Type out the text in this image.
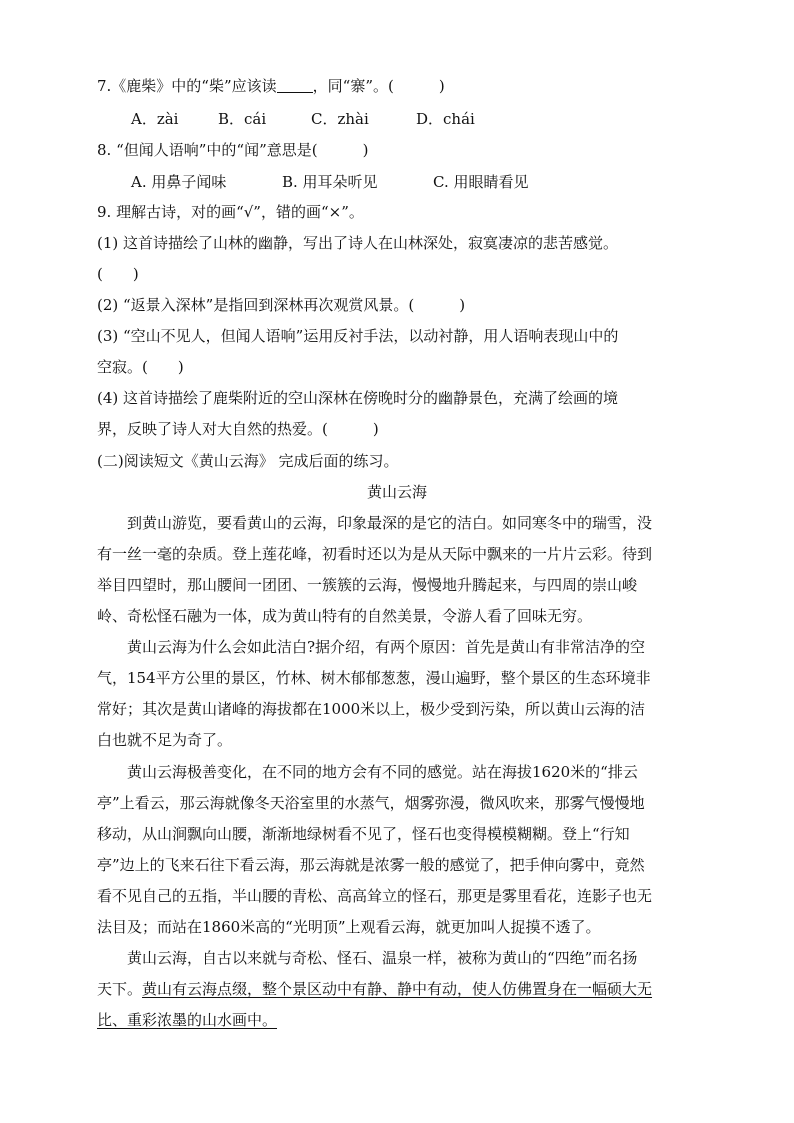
7.《鹿柴》中的“柴”应该读 ，同“寨”。(　　　)
A．zài	B．cái	C．zhài	D．chái
8. “但闻人语响”中的“闻”意思是(　　　)
A. 用鼻子闻味	B. 用耳朵听见	C. 用眼睛看见
9. 理解古诗，对的画“√”，错的画“×”。
(1) 这首诗描绘了山林的幽静，写出了诗人在山林深处，寂寞凄凉的悲苦感觉。
(　　)
(2) “返景入深林”是指回到深林再次观赏风景。(　　　)
(3) “空山不见人，但闻人语响”运用反衬手法，以动衬静，用人语响表现山中的
空寂。(　　)
(4) 这首诗描绘了鹿柴附近的空山深林在傍晚时分的幽静景色，充满了绘画的境
界，反映了诗人对大自然的热爱。(　　　)
(二)阅读短文《黄山云海》 完成后面的练习。
黄山云海
到黄山游览，要看黄山的云海，印象最深的是它的洁白。如同寒冬中的瑞雪，没
有一丝一毫的杂质。登上莲花峰，初看时还以为是从天际中飘来的一片片云彩。待到
举目四望时，那山腰间一团团、一簇簇的云海，慢慢地升腾起来，与四周的崇山峻
岭、奇松怪石融为一体，成为黄山特有的自然美景，令游人看了回味无穷。
黄山云海为什么会如此洁白?据介绍，有两个原因：首先是黄山有非常洁净的空
气，154平方公里的景区，竹林、树木郁郁葱葱，漫山遍野，整个景区的生态环境非
常好；其次是黄山诸峰的海拔都在1000米以上，极少受到污染，所以黄山云海的洁
白也就不足为奇了。
黄山云海极善变化，在不同的地方会有不同的感觉。站在海拔1620米的“排云
亭”上看云，那云海就像冬天浴室里的水蒸气，烟雾弥漫，微风吹来，那雾气慢慢地
移动，从山涧飘向山腰，渐渐地绿树看不见了，怪石也变得模模糊糊。登上“行知
亭”边上的飞来石往下看云海，那云海就是浓雾一般的感觉了，把手伸向雾中，竟然
看不见自己的五指，半山腰的青松、高高耸立的怪石，那更是雾里看花，连影子也无
法目及；而站在1860米高的“光明顶”上观看云海，就更加叫人捉摸不透了。
黄山云海，自古以来就与奇松、怪石、温泉一样，被称为黄山的“四绝”而名扬
天下。黄山有云海点缀，整个景区动中有静、静中有动，使人仿佛置身在一幅硕大无
比、重彩浓墨的山水画中。
